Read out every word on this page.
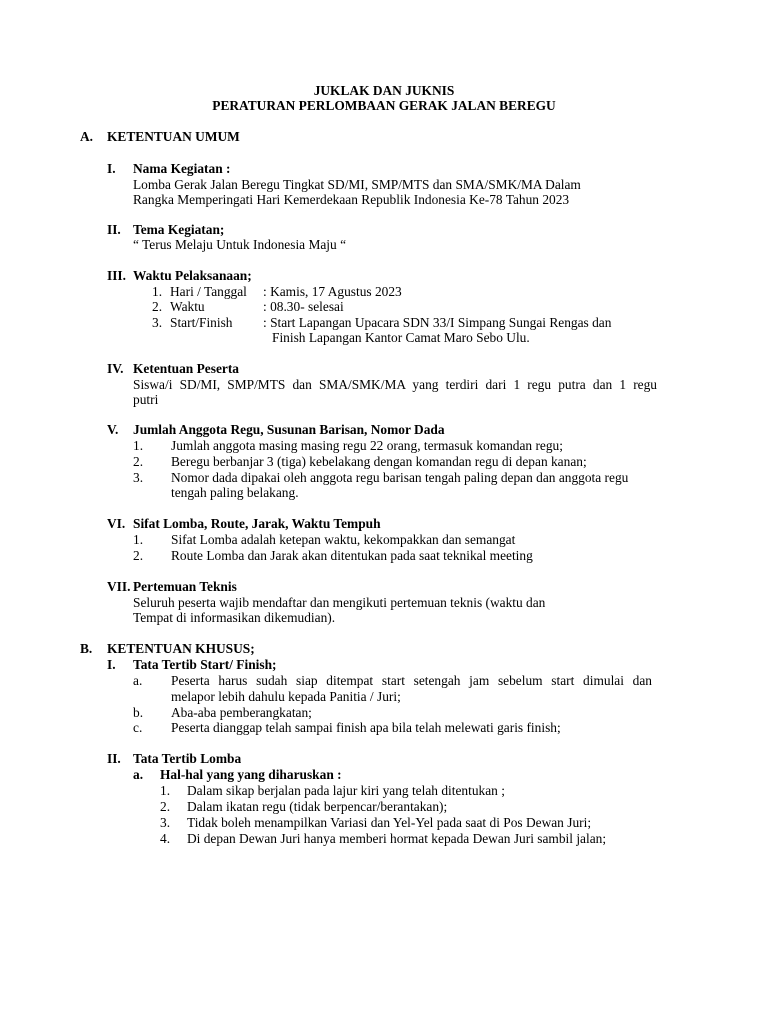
JUKLAK DAN JUKNIS
PERATURAN PERLOMBAAN GERAK JALAN BEREGU
A. KETENTUAN UMUM
I. Nama Kegiatan :
Lomba Gerak Jalan Beregu Tingkat SD/MI, SMP/MTS dan SMA/SMK/MA Dalam
Rangka Memperingati Hari Kemerdekaan Republik Indonesia Ke-78 Tahun 2023
II. Tema Kegiatan;
“ Terus Melaju Untuk Indonesia Maju “
III. Waktu Pelaksanaan;
1. Hari / Tanggal : Kamis, 17 Agustus 2023
2. Waktu	: 08.30- selesai
3. Start/Finish : Start Lapangan Upacara SDN 33/I Simpang Sungai Rengas dan
Finish Lapangan Kantor Camat Maro Sebo Ulu.
IV. Ketentuan Peserta
Siswa/i SD/MI, SMP/MTS dan SMA/SMK/MA yang terdiri dari 1 regu putra dan 1 regu
putri
V. Jumlah Anggota Regu, Susunan Barisan, Nomor Dada
1. Jumlah anggota masing masing regu 22 orang, termasuk komandan regu;
2. Beregu berbanjar 3 (tiga) kebelakang dengan komandan regu di depan kanan;
3. Nomor dada dipakai oleh anggota regu barisan tengah paling depan dan anggota regu
tengah paling belakang.
VI. Sifat Lomba, Route, Jarak, Waktu Tempuh
1. Sifat Lomba adalah ketepan waktu, kekompakkan dan semangat
2. Route Lomba dan Jarak akan ditentukan pada saat teknikal meeting
VII. Pertemuan Teknis
Seluruh peserta wajib mendaftar dan mengikuti pertemuan teknis (waktu dan
Tempat di informasikan dikemudian).
B. KETENTUAN KHUSUS;
I. Tata Tertib Start/ Finish;
a. Peserta harus sudah siap ditempat start setengah jam sebelum start dimulai dan
melapor lebih dahulu kepada Panitia / Juri;
b. Aba-aba pemberangkatan;
c. Peserta dianggap telah sampai finish apa bila telah melewati garis finish;
II. Tata Tertib Lomba
a. Hal-hal yang yang diharuskan :
1. Dalam sikap berjalan pada lajur kiri yang telah ditentukan ;
2. Dalam ikatan regu (tidak berpencar/berantakan);
3. Tidak boleh menampilkan Variasi dan Yel-Yel pada saat di Pos Dewan Juri;
4. Di depan Dewan Juri hanya memberi hormat kepada Dewan Juri sambil jalan;
